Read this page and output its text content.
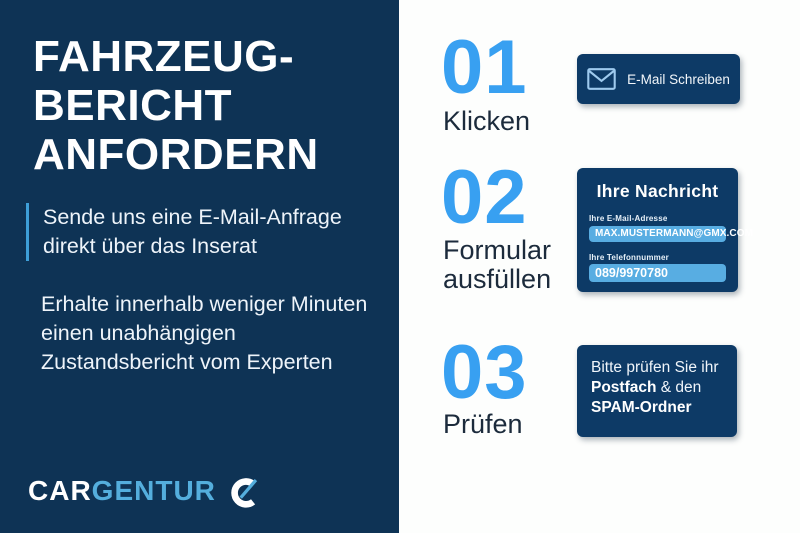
FAHRZEUG-
BERICHT
ANFORDERN
Sende uns eine E-Mail-Anfrage
direkt über das Inserat
Erhalte innerhalb weniger Minuten
einen unabhängigen
Zustandsbericht vom Experten
CARGENTUR
01
Klicken
E-Mail Schreiben
02
Formular ausfüllen
Ihre Nachricht
Ihre E-Mail-Adresse
MAX.MUSTERMANN@GMX.COM
Ihre Telefonnummer
089/9970780
03
Prüfen
Bitte prüfen Sie ihr
Postfach & den
SPAM-Ordner
